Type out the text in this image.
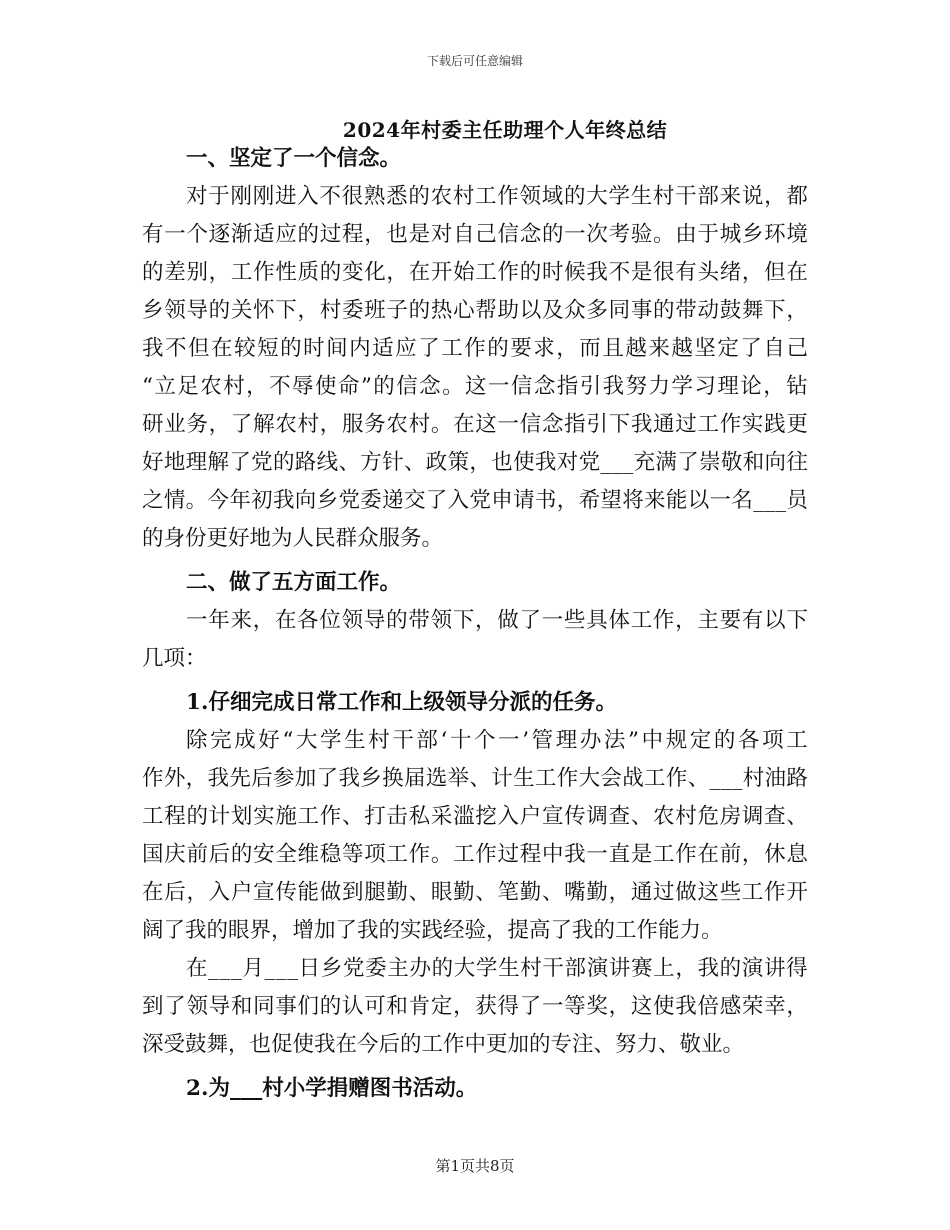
下载后可任意编辑
2024年村委主任助理个人年终总结
一、坚定了一个信念。
对 于 刚 刚 进 入 不 很 熟 悉 的 农 村 工 作 领 域 的 大 学 生 村 干 部 来 说 ， 都
有 一 个 逐 渐 适 应 的 过 程 ， 也 是 对 自 己 信 念 的 一 次 考 验 。 由 于 城 乡 环 境
的 差 别 ， 工 作 性 质 的 变 化 ， 在 开 始 工 作 的 时 候 我 不 是 很 有 头 绪 ， 但 在
乡 领 导 的 关 怀 下 ， 村 委 班 子 的 热 心 帮 助 以 及 众 多 同 事 的 带 动 鼓 舞 下 ，
我 不 但 在 较 短 的 时 间 内 适 应 了 工 作 的 要 求 ， 而 且 越 来 越 坚 定 了 自 己
“ 立 足 农 村 ， 不 辱 使 命 ” 的 信 念 。 这 一 信 念 指 引 我 努 力 学 习 理 论 ， 钻
研 业 务 ， 了 解 农 村 ， 服 务 农 村 。 在 这 一 信 念 指 引 下 我 通 过 工 作 实 践 更
好 地 理 解 了 党 的 路 线 、 方 针 、 政 策 ， 也 使 我 对 党 _ _ _ 充 满 了 崇 敬 和 向 往
之 情 。 今 年 初 我 向 乡 党 委 递 交 了 入 党 申 请 书 ， 希 望 将 来 能 以 一 名 _ _ _ 员
的身份更好地为人民群众服务。
二、做了五方面工作。
一 年 来 ， 在 各 位 领 导 的 带 领 下 ， 做 了 一 些 具 体 工 作 ， 主 要 有 以 下
几项：
1.仔细完成日常工作和上级领导分派的任务。
除 完 成 好 “ 大 学 生 村 干 部 ‘ 十 个 一 ’ 管 理 办 法 ” 中 规 定 的 各 项 工
作 外 ， 我 先 后 参 加 了 我 乡 换 届 选 举 、 计 生 工 作 大 会 战 工 作 、 _ _ _ 村 油 路
工 程 的 计 划 实 施 工 作 、 打 击 私 采 滥 挖 入 户 宣 传 调 查 、 农 村 危 房 调 查 、
国 庆 前 后 的 安 全 维 稳 等 项 工 作 。 工 作 过 程 中 我 一 直 是 工 作 在 前 ， 休 息
在 后 ， 入 户 宣 传 能 做 到 腿 勤 、 眼 勤 、 笔 勤 、 嘴 勤 ， 通 过 做 这 些 工 作 开
阔了我的眼界，增加了我的实践经验，提高了我的工作能力。
在 _ _ _ 月 _ _ _ 日 乡 党 委 主 办 的 大 学 生 村 干 部 演 讲 赛 上 ， 我 的 演 讲 得
到 了 领 导 和 同 事 们 的 认 可 和 肯 定 ， 获 得 了 一 等 奖 ， 这 使 我 倍 感 荣 幸 ，
深受鼓舞，也促使我在今后的工作中更加的专注、努力、敬业。
2.为___村小学捐赠图书活动。
第1页共8页
